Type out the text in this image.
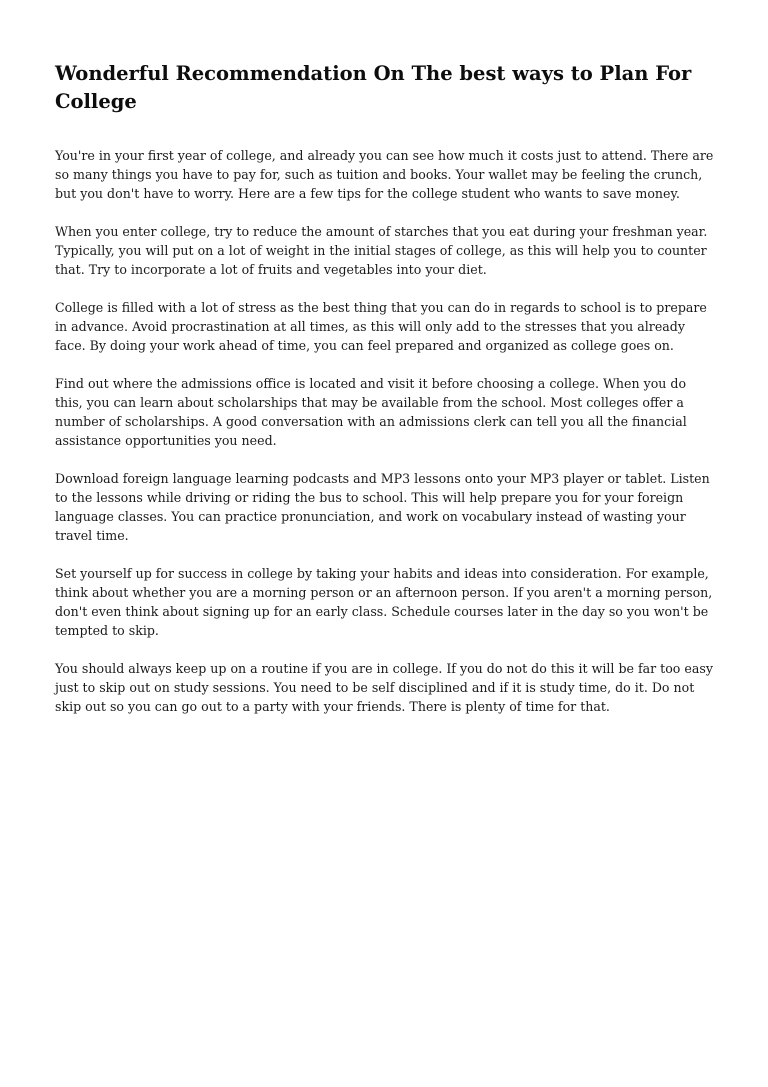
Wonderful Recommendation On The best ways to Plan For College

You're in your first year of college, and already you can see how much it costs just to attend. There are so many things you have to pay for, such as tuition and books. Your wallet may be feeling the crunch, but you don't have to worry. Here are a few tips for the college student who wants to save money.

When you enter college, try to reduce the amount of starches that you eat during your freshman year. Typically, you will put on a lot of weight in the initial stages of college, as this will help you to counter that. Try to incorporate a lot of fruits and vegetables into your diet.

College is filled with a lot of stress as the best thing that you can do in regards to school is to prepare in advance. Avoid procrastination at all times, as this will only add to the stresses that you already face. By doing your work ahead of time, you can feel prepared and organized as college goes on.

Find out where the admissions office is located and visit it before choosing a college. When you do this, you can learn about scholarships that may be available from the school. Most colleges offer a number of scholarships. A good conversation with an admissions clerk can tell you all the financial assistance opportunities you need.

Download foreign language learning podcasts and MP3 lessons onto your MP3 player or tablet. Listen to the lessons while driving or riding the bus to school. This will help prepare you for your foreign language classes. You can practice pronunciation, and work on vocabulary instead of wasting your travel time.

Set yourself up for success in college by taking your habits and ideas into consideration. For example, think about whether you are a morning person or an afternoon person. If you aren't a morning person, don't even think about signing up for an early class. Schedule courses later in the day so you won't be tempted to skip.

You should always keep up on a routine if you are in college. If you do not do this it will be far too easy just to skip out on study sessions. You need to be self disciplined and if it is study time, do it. Do not skip out so you can go out to a party with your friends. There is plenty of time for that.
